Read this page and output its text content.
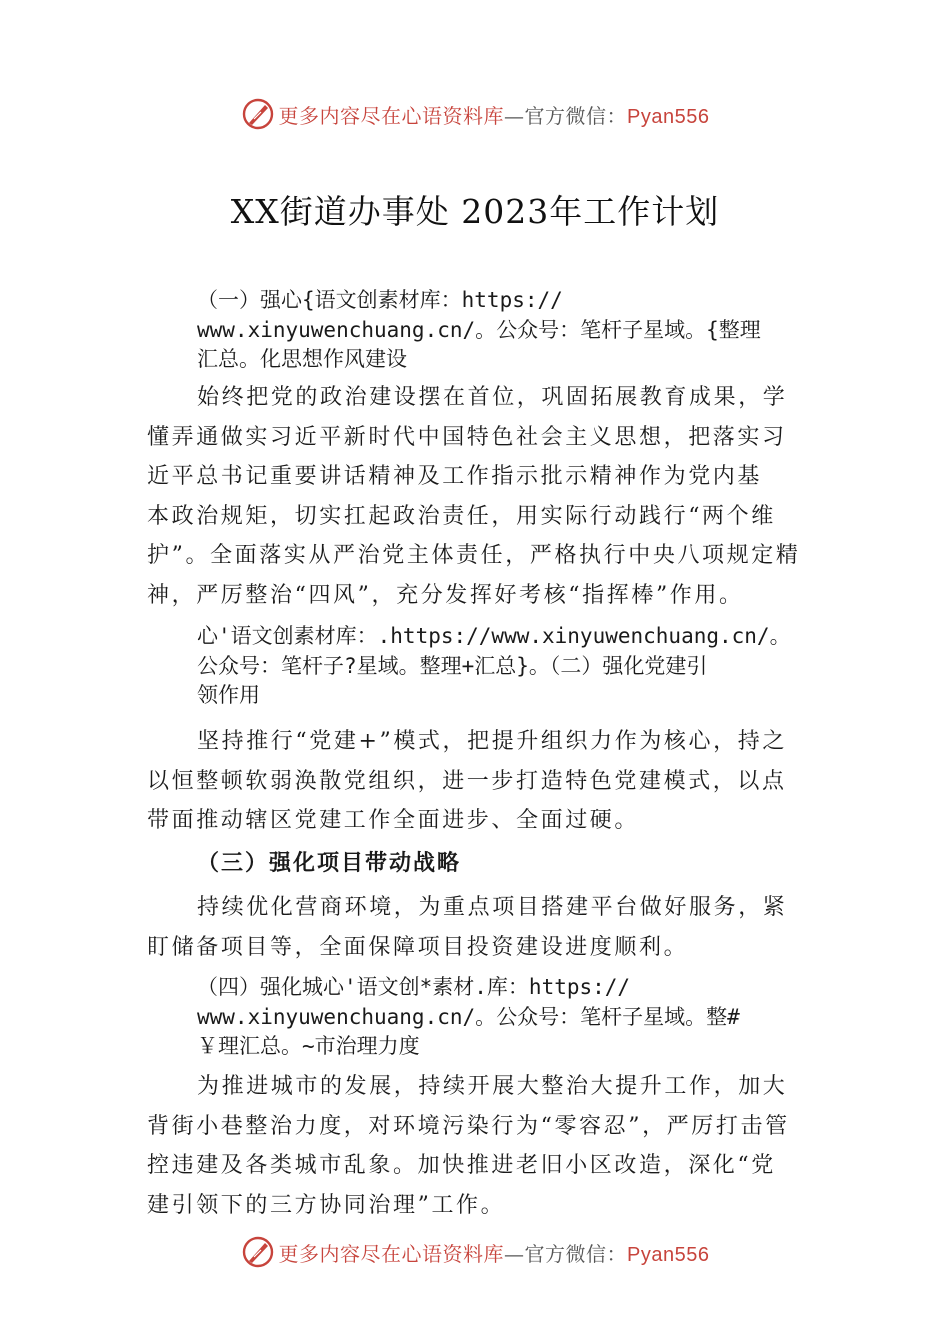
更多内容尽在心语资料库—官方微信：Pyan556
XX街道办事处 2023年工作计划
（一）强心{语文创素材库：https://
www.xinyuwenchuang.cn/。公众号：笔杆子星域。{整理
汇总。化思想作风建设
始终把党的政治建设摆在首位，巩固拓展教育成果，学
懂弄通做实习近平新时代中国特色社会主义思想，把落实习
近平总书记重要讲话精神及工作指示批示精神作为党内基
本政治规矩，切实扛起政治责任，用实际行动践行“两个维
护”。全面落实从严治党主体责任，严格执行中央八项规定精
神，严厉整治“四风”，充分发挥好考核“指挥棒”作用。
心'语文创素材库：.https://www.xinyuwenchuang.cn/。
公众号：笔杆子?星域。整理+汇总}。（二）强化党建引
领作用
坚持推行“党建+”模式，把提升组织力作为核心，持之
以恒整顿软弱涣散党组织，进一步打造特色党建模式，以点
带面推动辖区党建工作全面进步、全面过硬。
（三）强化项目带动战略
持续优化营商环境，为重点项目搭建平台做好服务，紧
盯储备项目等，全面保障项目投资建设进度顺利。
（四）强化城心'语文创*素材.库：https://
www.xinyuwenchuang.cn/。公众号：笔杆子星域。整#
￥理汇总。~市治理力度
为推进城市的发展，持续开展大整治大提升工作，加大
背街小巷整治力度，对环境污染行为“零容忍”，严厉打击管
控违建及各类城市乱象。加快推进老旧小区改造，深化“党
建引领下的三方协同治理”工作。
更多内容尽在心语资料库—官方微信：Pyan556
